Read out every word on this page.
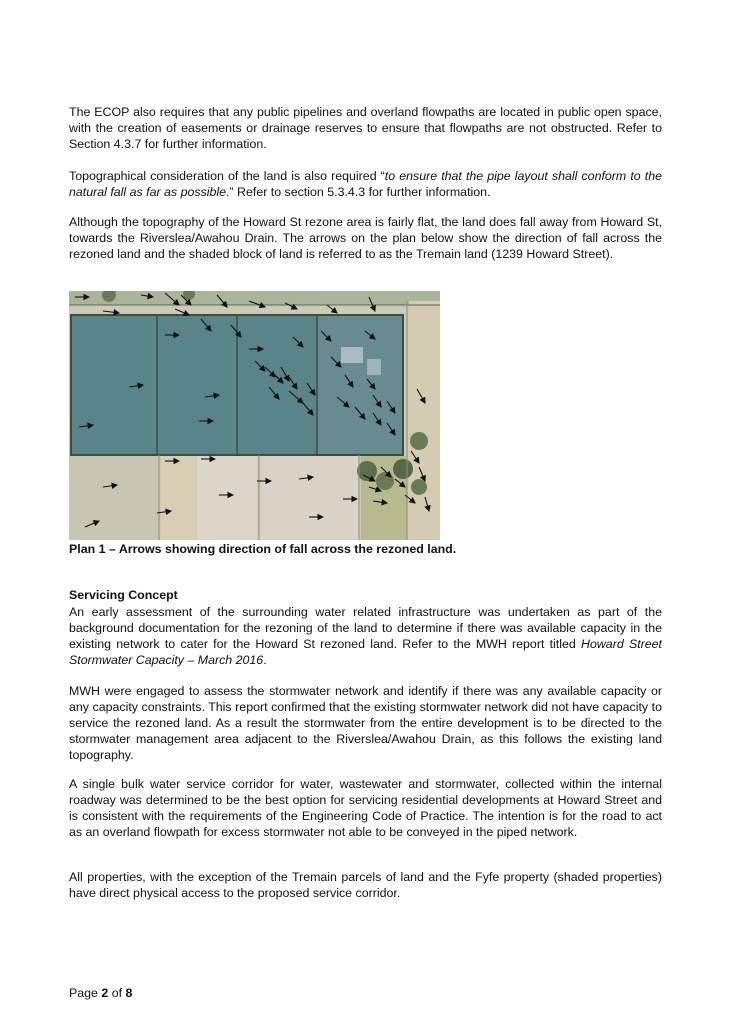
The ECOP also requires that any public pipelines and overland flowpaths are located in public open space, with the creation of easements or drainage reserves to ensure that flowpaths are not obstructed. Refer to Section 4.3.7 for further information.

Topographical consideration of the land is also required “to ensure that the pipe layout shall conform to the natural fall as far as possible.” Refer to section 5.3.4.3 for further information.

Although the topography of the Howard St rezone area is fairly flat, the land does fall away from Howard St, towards the Riverslea/Awahou Drain. The arrows on the plan below show the direction of fall across the rezoned land and the shaded block of land is referred to as the Tremain land (1239 Howard Street).

Plan 1 – Arrows showing direction of fall across the rezoned land.
Servicing Concept

An early assessment of the surrounding water related infrastructure was undertaken as part of the background documentation for the rezoning of the land to determine if there was available capacity in the existing network to cater for the Howard St rezoned land. Refer to the MWH report titled Howard Street Stormwater Capacity – March 2016.

MWH were engaged to assess the stormwater network and identify if there was any available capacity or any capacity constraints. This report confirmed that the existing stormwater network did not have capacity to service the rezoned land. As a result the stormwater from the entire development is to be directed to the stormwater management area adjacent to the Riverslea/Awahou Drain, as this follows the existing land topography.

A single bulk water service corridor for water, wastewater and stormwater, collected within the internal roadway was determined to be the best option for servicing residential developments at Howard Street and is consistent with the requirements of the Engineering Code of Practice. The intention is for the road to act as an overland flowpath for excess stormwater not able to be conveyed in the piped network.

All properties, with the exception of the Tremain parcels of land and the Fyfe property (shaded properties) have direct physical access to the proposed service corridor.

Page 2 of 8
